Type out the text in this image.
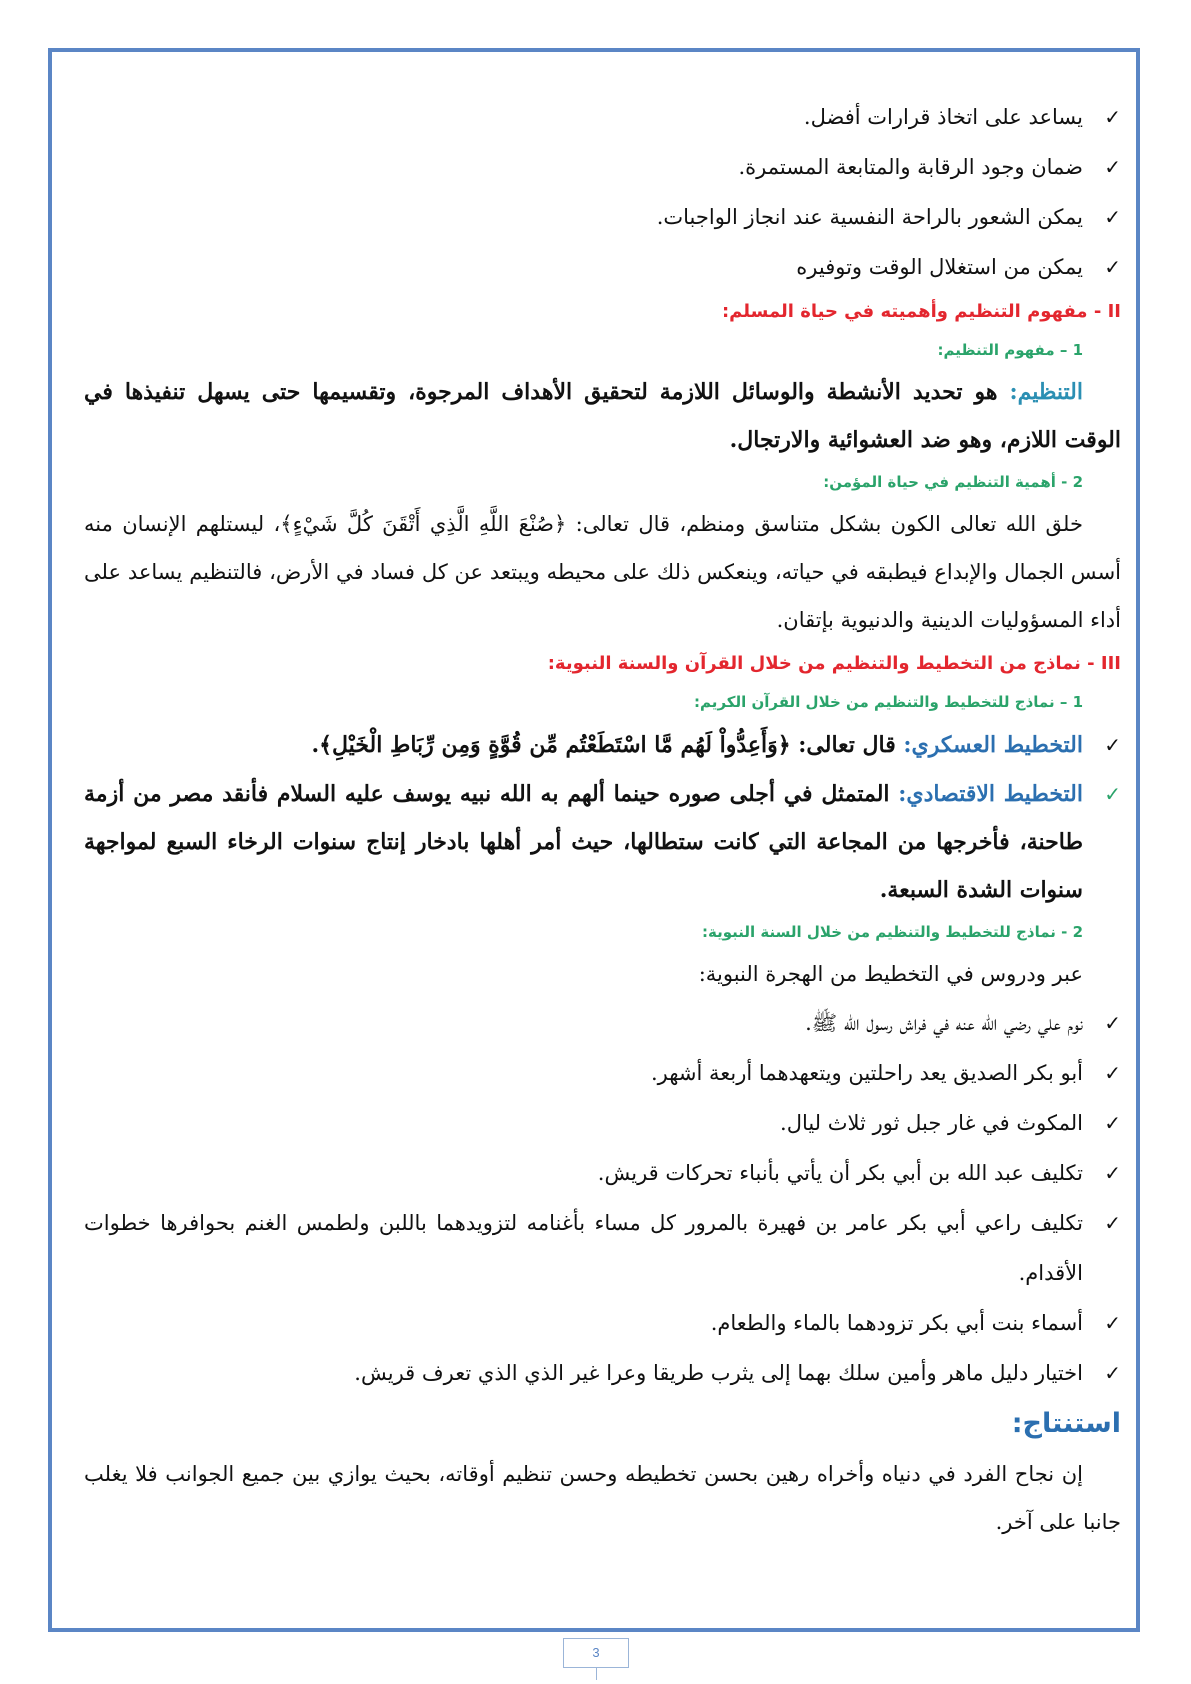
✓
يساعد على اتخاذ قرارات أفضل.
✓
ضمان وجود الرقابة والمتابعة المستمرة.
✓
يمكن الشعور بالراحة النفسية عند انجاز الواجبات.
✓
يمكن من استغلال الوقت وتوفيره
II - مفهوم التنظيم وأهميته في حياة المسلم:
1 – مفهوم التنظيم:
التنظيم: هو تحديد الأنشطة والوسائل اللازمة لتحقيق الأهداف المرجوة، وتقسيمها حتى يسهل تنفيذها في الوقت اللازم، وهو ضد العشوائية والارتجال.
2 - أهمية التنظيم في حياة المؤمن:
خلق الله تعالى الكون بشكل متناسق ومنظم، قال تعالى: ﴿صُنْعَ اللَّهِ الَّذِي أَتْقَنَ كُلَّ شَيْءٍ﴾، ليستلهم الإنسان منه أسس الجمال والإبداع فيطبقه في حياته، وينعكس ذلك على محيطه ويبتعد عن كل فساد في الأرض، فالتنظيم يساعد على أداء المسؤوليات الدينية والدنيوية بإتقان.
III - نماذج من التخطيط والتنظيم من خلال القرآن والسنة النبوية:
1 – نماذج للتخطيط والتنظيم من خلال القرآن الكريم:
✓
التخطيط العسكري: قال تعالى: ﴿وَأَعِدُّواْ لَهُم مَّا اسْتَطَعْتُم مِّن قُوَّةٍ وَمِن رِّبَاطِ الْخَيْلِ﴾.
✓
التخطيط الاقتصادي: المتمثل في أجلى صوره حينما ألهم به الله نبيه يوسف عليه السلام فأنقد مصر من أزمة طاحنة، فأخرجها من المجاعة التي كانت ستطالها، حيث أمر أهلها بادخار إنتاج سنوات الرخاء السبع لمواجهة سنوات الشدة السبعة.
2 - نماذج للتخطيط والتنظيم من خلال السنة النبوية:
عبر ودروس في التخطيط من الهجرة النبوية:
✓
نوم علي رضي الله عنه في فراش رسول الله ﷺ.
✓
أبو بكر الصديق يعد راحلتين ويتعهدهما أربعة أشهر.
✓
المكوث في غار جبل ثور ثلاث ليال.
✓
تكليف عبد الله بن أبي بكر أن يأتي بأنباء تحركات قريش.
✓
تكليف راعي أبي بكر عامر بن فهيرة بالمرور كل مساء بأغنامه لتزويدهما باللبن ولطمس الغنم بحوافرها خطوات الأقدام.
✓
أسماء بنت أبي بكر تزودهما بالماء والطعام.
✓
اختيار دليل ماهر وأمين سلك بهما إلى يثرب طريقا وعرا غير الذي الذي تعرف قريش.
استنتاج:
إن نجاح الفرد في دنياه وأخراه رهين بحسن تخطيطه وحسن تنظيم أوقاته، بحيث يوازي بين جميع الجوانب فلا يغلب جانبا على آخر.
3
